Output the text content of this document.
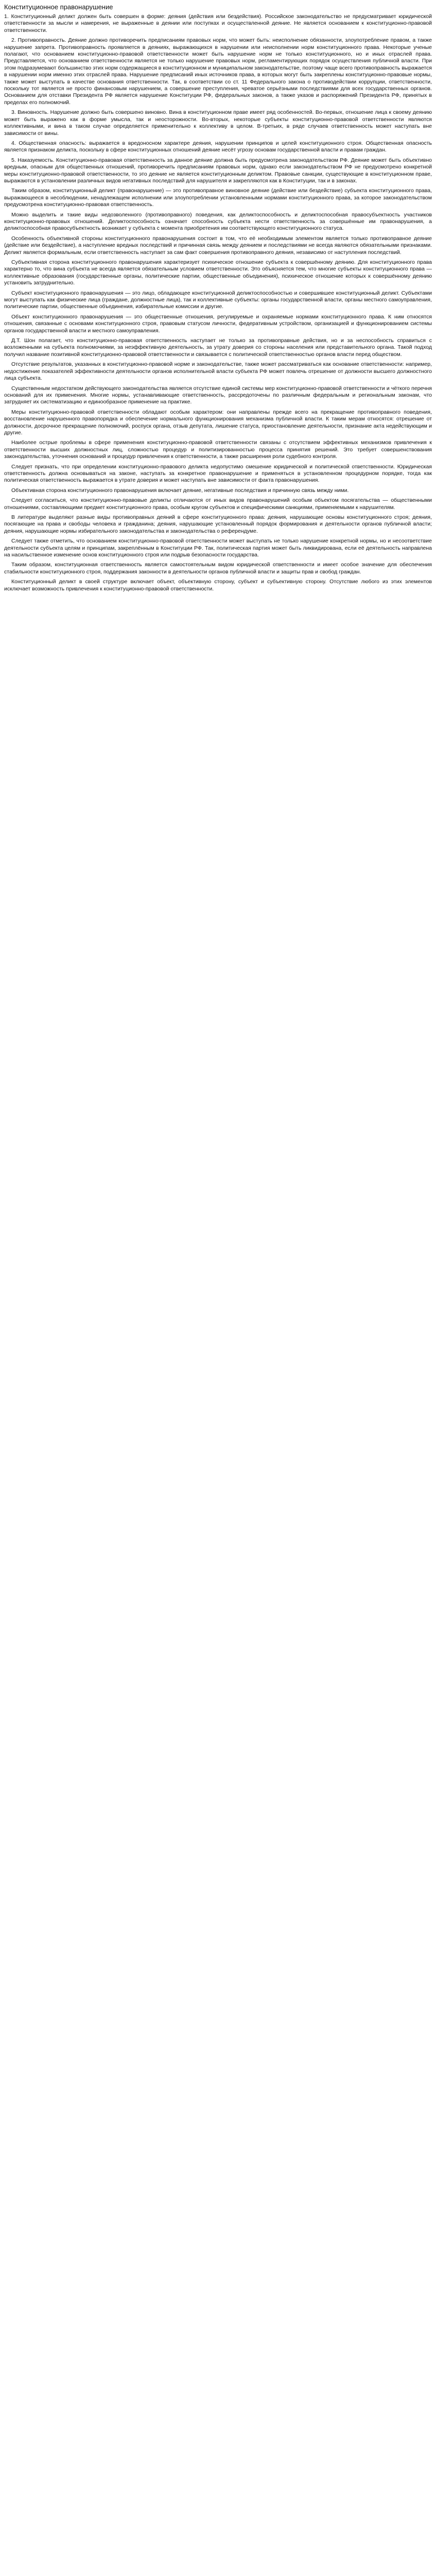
Конституционное правонарушение

1. Конституционный деликт должен быть совершен в форме: деяния (действия или бездействия). Российское законодательство не предусматривает юридической ответственности за мысли и намерения, не выраженные в деянии или поступках и осуществленной деяние. Не является основанием к конституционно-правовой ответственности.

2. Противоправность. Деяние должно противоречить предписаниям правовых норм, что может быть: неисполнение обязанности, злоупотребление правом, а также нарушение запрета. Противоправность проявляется в деяниях, выражающихся в нарушении или неисполнении норм конституционного права. Некоторые ученые полагают, что основанием конституционно-правовой ответственности может быть нарушение норм не только конституционного, но и иных отраслей права. Представляется, что основанием ответственности является не только нарушение правовых норм, регламентирующих порядок осуществления публичной власти. При этом подразумевают большинство этих норм содержащиеся в конституционном и муниципальном законодательстве, поэтому чаще всего противоправность выражается в нарушении норм именно этих отраслей права. Нарушение предписаний иных источников права, в которых могут быть закреплены конституционно-правовые нормы, также может выступать в качестве основания ответственности. Так, в соответствии со ст. 11 Федерального закона о противодействии коррупции, ответственности, поскольку тот является не просто финансовым нарушением, а совершение преступления, чреватое серьёзными последствиями для всех государственных органов. Основанием для отставки Президента РФ является нарушение Конституции РФ, федеральных законов, а также указов и распоряжений Президента РФ, принятых в пределах его полномочий.

3. Виновность. Нарушение должно быть совершено виновно. Вина в конституционном праве имеет ряд особенностей. Во-первых, отношение лица к своему деянию может быть выражено как в форме умысла, так и неосторожности. Во-вторых, некоторые субъекты конституционно-правовой ответственности являются коллективными, и вина в таком случае определяется применительно к коллективу в целом. В-третьих, в ряде случаев ответственность может наступать вне зависимости от вины.

4. Общественная опасность: выражается в вредоносном характере деяния, нарушении принципов и целей конституционного строя. Общественная опасность является признаком деликта, поскольку в сфере конституционных отношений деяние несёт угрозу основам государственной власти и правам граждан.

5. Наказуемость. Конституционно-правовая ответственность за данное деяние должна быть предусмотрена законодательством РФ. Деяние может быть объективно вредным, опасным для общественных отношений, противоречить предписаниям правовых норм, однако если законодательством РФ не предусмотрено конкретной меры конституционно-правовой ответственности, то это деяние не является конституционным деликтом. Правовые санкции, существующие в конституционном праве, выражаются в установлении различных видов негативных последствий для нарушителя и закрепляются как в Конституции, так и в законах.

Таким образом, конституционный деликт (правонарушение) — это противоправное виновное деяние (действие или бездействие) субъекта конституционного права, выражающееся в несоблюдении, ненадлежащем исполнении или злоупотреблении установленными нормами конституционного права, за которое законодательством предусмотрена конституционно-правовая ответственность.

Можно выделить и такие виды недозволенного (противоправного) поведения, как деликтоспособность и деликтоспособная правосубъектность участников конституционно-правовых отношений. Деликтоспособность означает способность субъекта нести ответственность за совершённые им правонарушения, а деликтоспособная правосубъектность возникает у субъекта с момента приобретения им соответствующего конституционного статуса.

Особенность объективной стороны конституционного правонарушения состоит в том, что её необходимым элементом является только противоправное деяние (действие или бездействие), а наступление вредных последствий и причинная связь между деянием и последствиями не всегда являются обязательными признаками. Деликт является формальным, если ответственность наступает за сам факт совершения противоправного деяния, независимо от наступления последствий.

Субъективная сторона конституционного правонарушения характеризует психическое отношение субъекта к совершённому деянию. Для конституционного права характерно то, что вина субъекта не всегда является обязательным условием ответственности. Это объясняется тем, что многие субъекты конституционного права — коллективные образования (государственные органы, политические партии, общественные объединения), психическое отношение которых к совершённому деянию установить затруднительно.

Субъект конституционного правонарушения — это лицо, обладающее конституционной деликтоспособностью и совершившее конституционный деликт. Субъектами могут выступать как физические лица (граждане, должностные лица), так и коллективные субъекты: органы государственной власти, органы местного самоуправления, политические партии, общественные объединения, избирательные комиссии и другие.

Объект конституционного правонарушения — это общественные отношения, регулируемые и охраняемые нормами конституционного права. К ним относятся отношения, связанные с основами конституционного строя, правовым статусом личности, федеративным устройством, организацией и функционированием системы органов государственной власти и местного самоуправления.

Д.Т. Шон полагает, что конституционно-правовая ответственность наступает не только за противоправные действия, но и за неспособность справиться с возложенными на субъекта полномочиями, за неэффективную деятельность, за утрату доверия со стороны населения или представительного органа. Такой подход получил название позитивной конституционно-правовой ответственности и связывается с политической ответственностью органов власти перед обществом.

Отсутствие результатов, указанных в конституционно-правовой норме и законодательстве, также может рассматриваться как основание ответственности: например, недостижение показателей эффективности деятельности органов исполнительной власти субъекта РФ может повлечь отрешение от должности высшего должностного лица субъекта.

Существенным недостатком действующего законодательства является отсутствие единой системы мер конституционно-правовой ответственности и чёткого перечня оснований для их применения. Многие нормы, устанавливающие ответственность, рассредоточены по различным федеральным и региональным законам, что затрудняет их систематизацию и единообразное применение на практике.

Меры конституционно-правовой ответственности обладают особым характером: они направлены прежде всего на прекращение противоправного поведения, восстановление нарушенного правопорядка и обеспечение нормального функционирования механизма публичной власти. К таким мерам относятся: отрешение от должности, досрочное прекращение полномочий, роспуск органа, отзыв депутата, лишение статуса, приостановление деятельности, признание акта недействующим и другие.

Наиболее острые проблемы в сфере применения конституционно-правовой ответственности связаны с отсутствием эффективных механизмов привлечения к ответственности высших должностных лиц, сложностью процедур и политизированностью процесса принятия решений. Это требует совершенствования законодательства, уточнения оснований и процедур привлечения к ответственности, а также расширения роли судебного контроля.

Следует признать, что при определении конституционно-правового деликта недопустимо смешение юридической и политической ответственности. Юридическая ответственность должна основываться на законе, наступать за конкретное правонарушение и применяться в установленном процедурном порядке, тогда как политическая ответственность выражается в утрате доверия и может наступать вне зависимости от факта правонарушения.

Объективная сторона конституционного правонарушения включает деяние, негативные последствия и причинную связь между ними.

Следует согласиться, что конституционно-правовые деликты отличаются от иных видов правонарушений особым объектом посягательства — общественными отношениями, составляющими предмет конституционного права, особым кругом субъектов и специфическими санкциями, применяемыми к нарушителям.

В литературе выделяют разные виды противоправных деяний в сфере конституционного права: деяния, нарушающие основы конституционного строя; деяния, посягающие на права и свободы человека и гражданина; деяния, нарушающие установленный порядок формирования и деятельности органов публичной власти; деяния, нарушающие нормы избирательного законодательства и законодательства о референдуме.

Следует также отметить, что основанием конституционно-правовой ответственности может выступать не только нарушение конкретной нормы, но и несоответствие деятельности субъекта целям и принципам, закреплённым в Конституции РФ. Так, политическая партия может быть ликвидирована, если её деятельность направлена на насильственное изменение основ конституционного строя или подрыв безопасности государства.

Таким образом, конституционная ответственность является самостоятельным видом юридической ответственности и имеет особое значение для обеспечения стабильности конституционного строя, поддержания законности в деятельности органов публичной власти и защиты прав и свобод граждан.

Конституционный деликт в своей структуре включает объект, объективную сторону, субъект и субъективную сторону. Отсутствие любого из этих элементов исключает возможность привлечения к конституционно-правовой ответственности.
